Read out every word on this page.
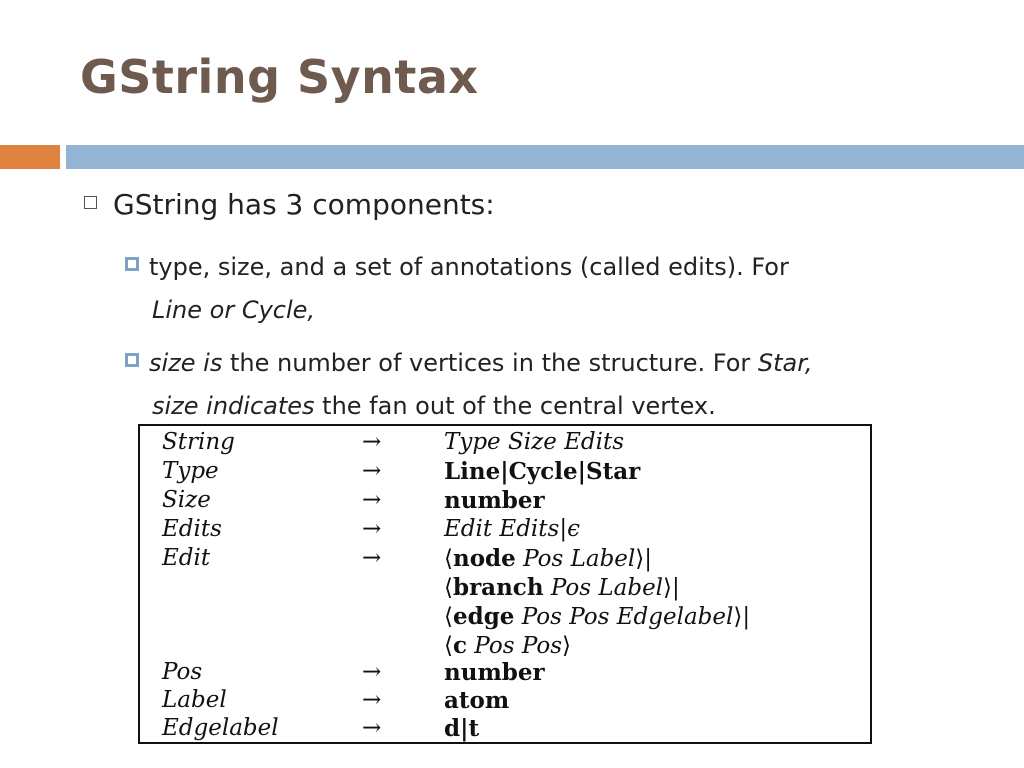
GString Syntax
GString has 3 components:
type, size, and a set of annotations (called edits). For
Line or Cycle,
size is the number of vertices in the structure. For Star,
size indicates the fan out of the central vertex.
String	→	Type Size Edits
Type	→	Line|Cycle|Star
Size	→	number
Edits	→	Edit Edits|ϵ
Edit	→	⟨node Pos Label⟩|
⟨branch Pos Label⟩|
⟨edge Pos Pos Edgelabel⟩|
⟨c Pos Pos⟩
Pos	→	number
Label	→	atom
Edgelabel	→	d|t
